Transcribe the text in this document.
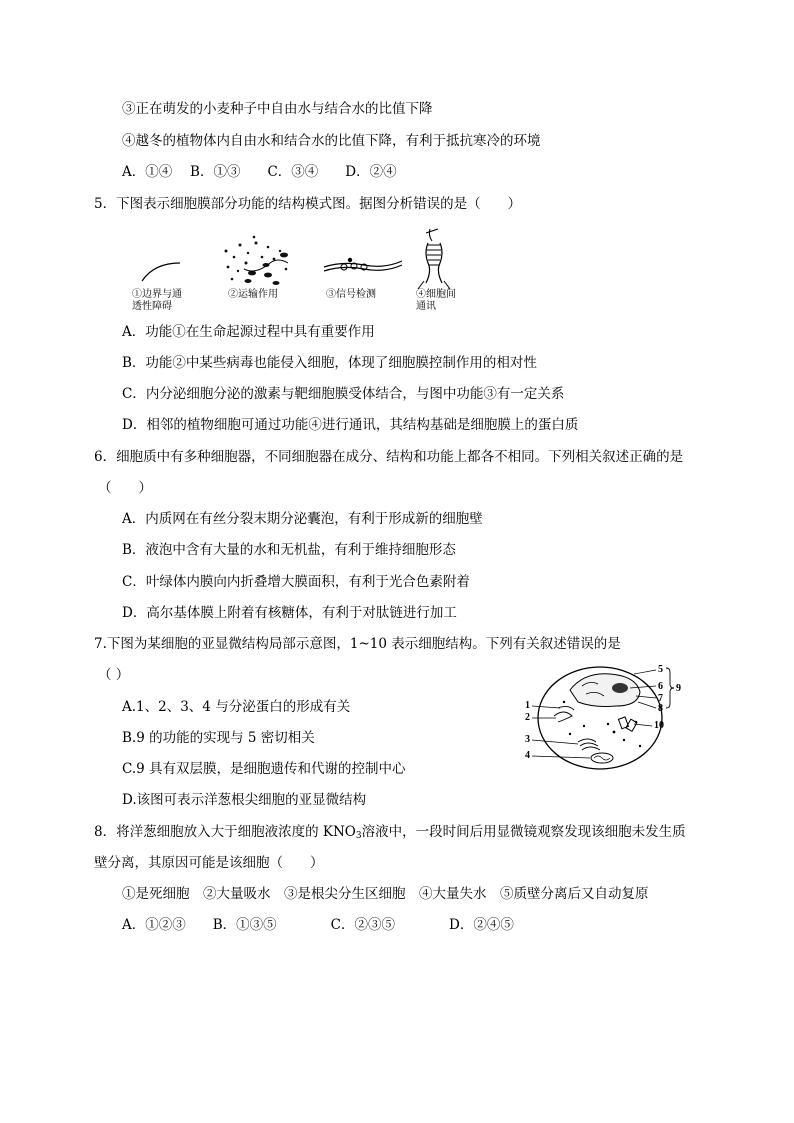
③正在萌发的小麦种子中自由水与结合水的比值下降
④越冬的植物体内自由水和结合水的比值下降，有利于抵抗寒冷的环境
A．①④　 B．①③　　C．③④　　D．②④
5．下图表示细胞膜部分功能的结构模式图。据图分析错误的是（　　）
①边界与通
透性障碍
②运输作用	③信号检测	④细胞间
通讯
A．功能①在生命起源过程中具有重要作用
B．功能②中某些病毒也能侵入细胞，体现了细胞膜控制作用的相对性
C．内分泌细胞分泌的激素与靶细胞膜受体结合，与图中功能③有一定关系
D．相邻的植物细胞可通过功能④进行通讯，其结构基础是细胞膜上的蛋白质
6．细胞质中有多种细胞器，不同细胞器在成分、结构和功能上都各不相同。下列相关叙述正确的是
（　　）
A．内质网在有丝分裂末期分泌囊泡，有利于形成新的细胞壁
B．液泡中含有大量的水和无机盐，有利于维持细胞形态
C．叶绿体内膜向内折叠增大膜面积，有利于光合色素附着
D．高尔基体膜上附着有核糖体，有利于对肽链进行加工
7.下图为某细胞的亚显微结构局部示意图，1~10 表示细胞结构。下列有关叙述错误的是
（ ）
A.1、2、3、4 与分泌蛋白的形成有关
B.9 的功能的实现与 5 密切相关
C.9 具有双层膜，是细胞遗传和代谢的控制中心
D.该图可表示洋葱根尖细胞的亚显微结构
1
2
3
4
5
6
7
8
9
10
8．将洋葱细胞放入大于细胞液浓度的 $KNO_3$溶液中，一段时间后用显微镜观察发现该细胞未发生质
壁分离，其原因可能是该细胞（　　）
①是死细胞　②大量吸水　③是根尖分生区细胞　④大量失水　⑤质壁分离后又自动复原
A．①②③　　B．①③⑤　　　　C．②③⑤　　　　D．②④⑤
